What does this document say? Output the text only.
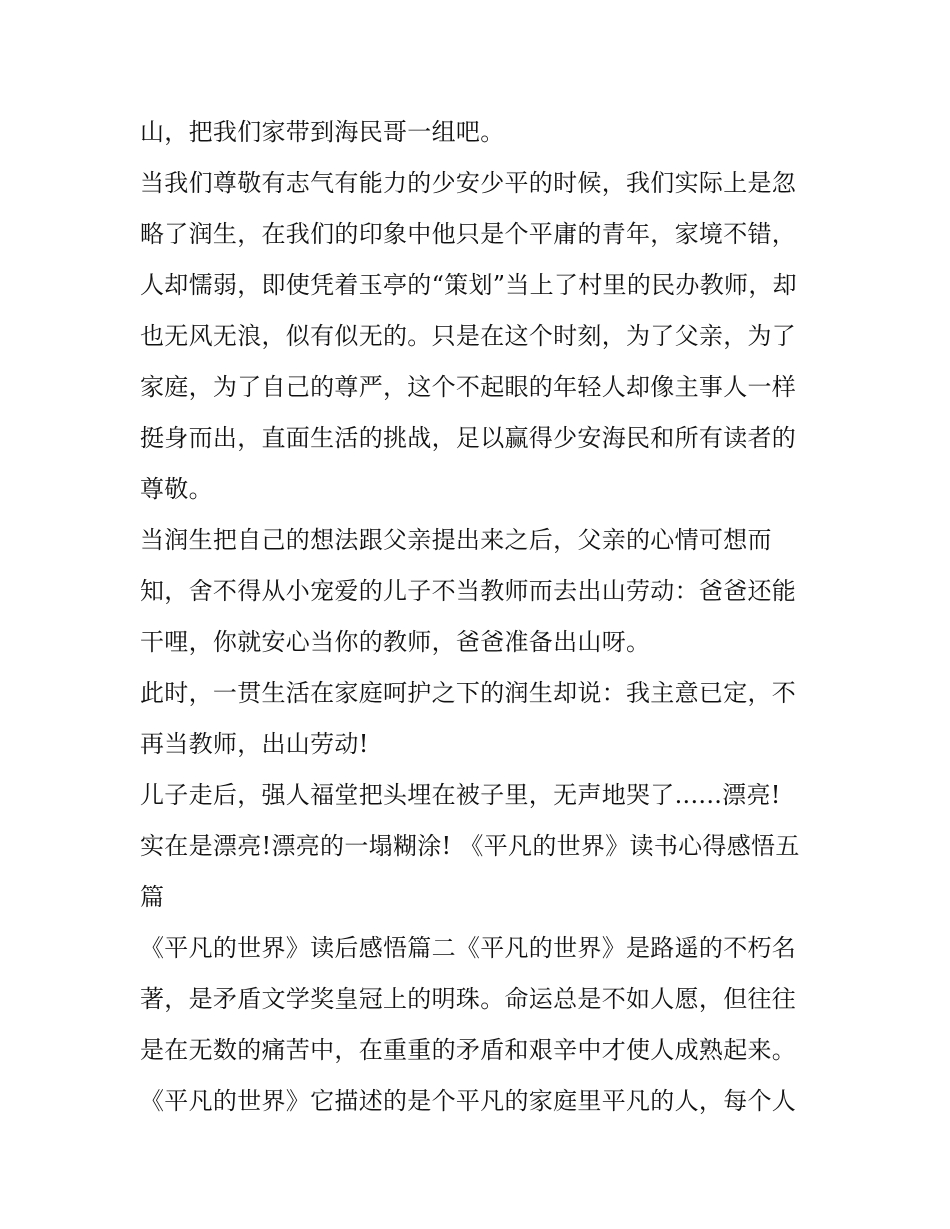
山，把我们家带到海民哥一组吧。
当我们尊敬有志气有能力的少安少平的时候，我们实际上是忽
略了润生，在我们的印象中他只是个平庸的青年，家境不错，
人却懦弱，即使凭着玉亭的“策划”当上了村里的民办教师，却
也无风无浪，似有似无的。只是在这个时刻，为了父亲，为了
家庭，为了自己的尊严，这个不起眼的年轻人却像主事人一样
挺身而出，直面生活的挑战，足以赢得少安海民和所有读者的
尊敬。
当润生把自己的想法跟父亲提出来之后，父亲的心情可想而
知，舍不得从小宠爱的儿子不当教师而去出山劳动：爸爸还能
干哩，你就安心当你的教师，爸爸准备出山呀。
此时，一贯生活在家庭呵护之下的润生却说：我主意已定，不
再当教师，出山劳动!
儿子走后，强人福堂把头埋在被子里，无声地哭了......漂亮!
实在是漂亮!漂亮的一塌糊涂! 《平凡的世界》读书心得感悟五
篇
《平凡的世界》读后感悟篇二《平凡的世界》是路遥的不朽名
著，是矛盾文学奖皇冠上的明珠。命运总是不如人愿，但往往
是在无数的痛苦中，在重重的矛盾和艰辛中才使人成熟起来。
《平凡的世界》它描述的是个平凡的家庭里平凡的人，每个人
